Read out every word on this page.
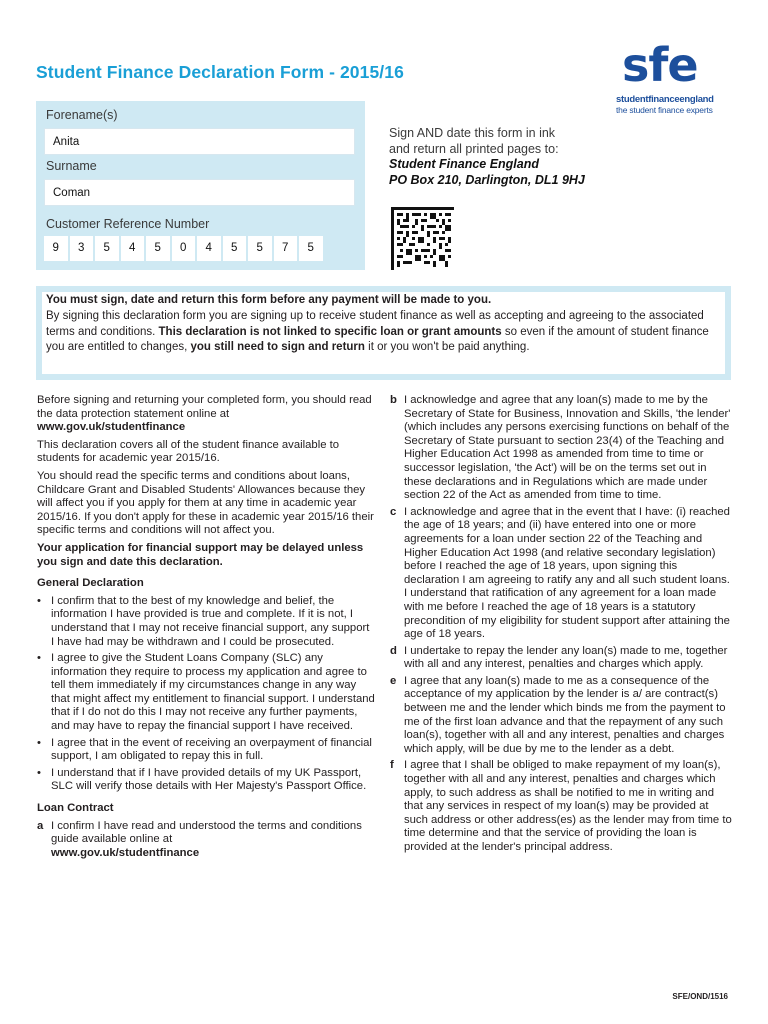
Student Finance Declaration Form - 2015/16	sfe
studentfinanceengland
the student finance experts
Forename(s)
Anita
Surname
Coman
Customer Reference Number
9	3	5	4	5	0	4	5	5	7	5
Sign AND date this form in ink
and return all printed pages to:
Student Finance England
PO Box 210, Darlington, DL1 9HJ
You must sign, date and return this form before any payment will be made to you.
By signing this declaration form you are signing up to receive student finance as well as accepting and agreeing to the associated terms and conditions. This declaration is not linked to specific loan or grant amounts so even if the amount of student finance you are entitled to changes, you still need to sign and return it or you won't be paid anything.
Before signing and returning your completed form, you should read the data protection statement online at
www.gov.uk/studentfinance
This declaration covers all of the student finance available to students for academic year 2015/16.
You should read the specific terms and conditions about loans, Childcare Grant and Disabled Students' Allowances because they will affect you if you apply for them at any time in academic year 2015/16. If you don't apply for these in academic year 2015/16 their specific terms and conditions will not affect you.
Your application for financial support may be delayed unless you sign and date this declaration.
General Declaration
• I confirm that to the best of my knowledge and belief, the information I have provided is true and complete. If it is not, I understand that I may not receive financial support, any support I have had may be withdrawn and I could be prosecuted.
• I agree to give the Student Loans Company (SLC) any information they require to process my application and agree to tell them immediately if my circumstances change in any way that might affect my entitlement to financial support. I understand that if I do not do this I may not receive any further payments, and may have to repay the financial support I have received.
• I agree that in the event of receiving an overpayment of financial support, I am obligated to repay this in full.
• I understand that if I have provided details of my UK Passport, SLC will verify those details with Her Majesty's Passport Office.
Loan Contract
a I confirm I have read and understood the terms and conditions guide available online at
www.gov.uk/studentfinance
b I acknowledge and agree that any loan(s) made to me by the Secretary of State for Business, Innovation and Skills, 'the lender' (which includes any persons exercising functions on behalf of the Secretary of State pursuant to section 23(4) of the Teaching and Higher Education Act 1998 as amended from time to time or successor legislation, 'the Act') will be on the terms set out in these declarations and in Regulations which are made under section 22 of the Act as amended from time to time.
c I acknowledge and agree that in the event that I have: (i) reached the age of 18 years; and (ii) have entered into one or more agreements for a loan under section 22 of the Teaching and Higher Education Act 1998 (and relative secondary legislation) before I reached the age of 18 years, upon signing this declaration I am agreeing to ratify any and all such student loans. I understand that ratification of any agreement for a loan made with me before I reached the age of 18 years is a statutory precondition of my eligibility for student support after attaining the age of 18 years.
d I undertake to repay the lender any loan(s) made to me, together with all and any interest, penalties and charges which apply.
e I agree that any loan(s) made to me as a consequence of the acceptance of my application by the lender is a/ are contract(s) between me and the lender which binds me from the payment to me of the first loan advance and that the repayment of any such loan(s), together with all and any interest, penalties and charges which apply, will be due by me to the lender as a debt.
f I agree that I shall be obliged to make repayment of my loan(s), together with all and any interest, penalties and charges which apply, to such address as shall be notified to me in writing and that any services in respect of my loan(s) may be provided at such address or other address(es) as the lender may from time to time determine and that the service of providing the loan is provided at the lender's principal address.
SFE/OND/1516
